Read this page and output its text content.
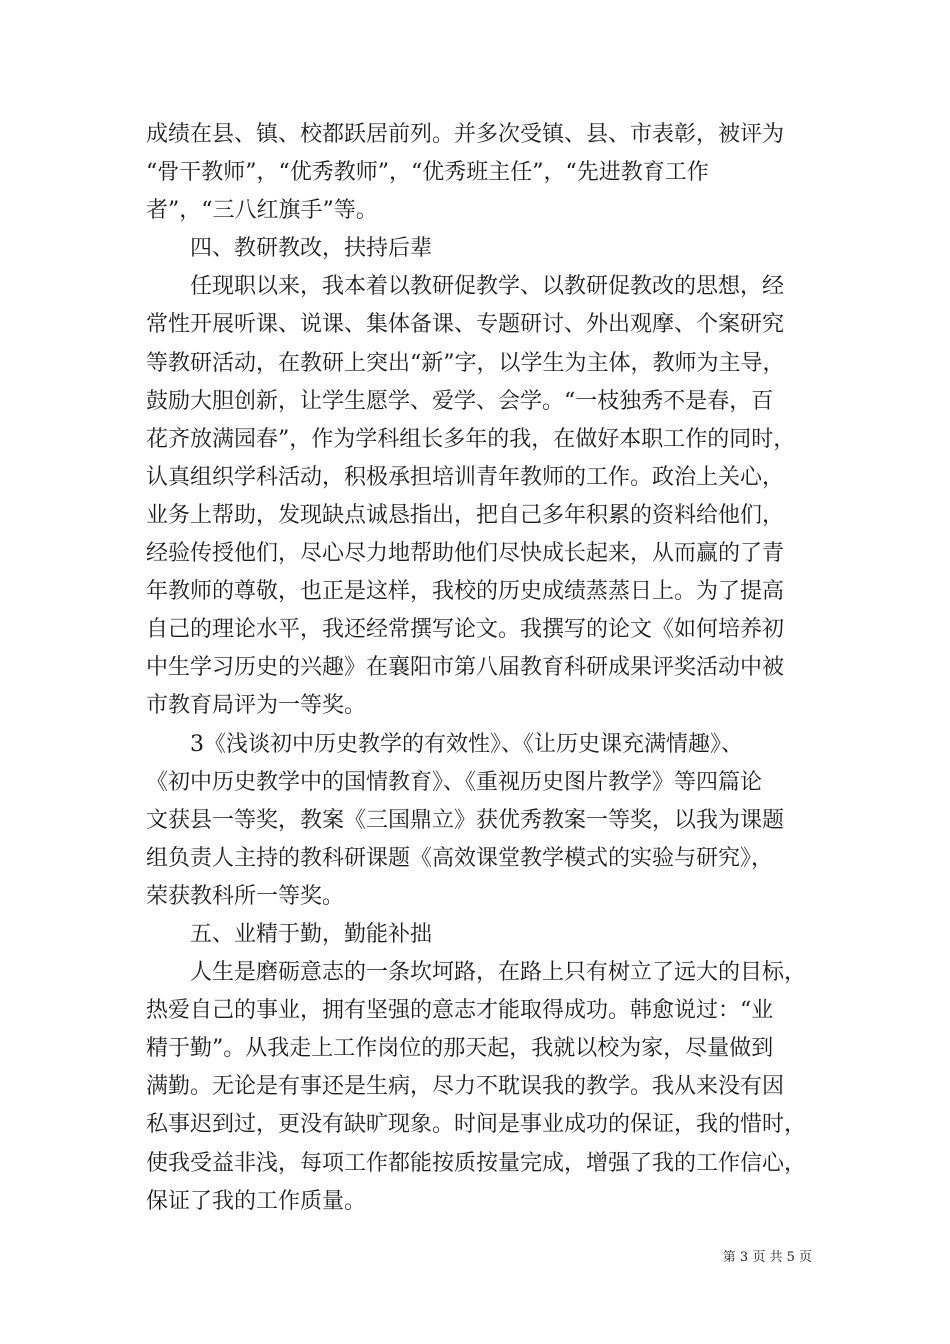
成绩在县、镇、校都跃居前列。并多次受镇、县、市表彰，被评为
“骨干教师”，“优秀教师”，“优秀班主任”，“先进教育工作
者”，“三八红旗手”等。
四、教研教改，扶持后辈
任现职以来，我本着以教研促教学、以教研促教改的思想，经
常性开展听课、说课、集体备课、专题研讨、外出观摩、个案研究
等教研活动，在教研上突出“新”字，以学生为主体，教师为主导，
鼓励大胆创新，让学生愿学、爱学、会学。“一枝独秀不是春，百
花齐放满园春”，作为学科组长多年的我，在做好本职工作的同时，
认真组织学科活动，积极承担培训青年教师的工作。政治上关心，
业务上帮助，发现缺点诚恳指出，把自己多年积累的资料给他们，
经验传授他们，尽心尽力地帮助他们尽快成长起来，从而赢的了青
年教师的尊敬，也正是这样，我校的历史成绩蒸蒸日上。为了提高
自己的理论水平，我还经常撰写论文。我撰写的论文《如何培养初
中生学习历史的兴趣》在襄阳市第八届教育科研成果评奖活动中被
市教育局评为一等奖。
3《浅谈初中历史教学的有效性》、《让历史课充满情趣》、
《初中历史教学中的国情教育》、《重视历史图片教学》等四篇论
文获县一等奖，教案《三国鼎立》获优秀教案一等奖，以我为课题
组负责人主持的教科研课题《高效课堂教学模式的实验与研究》，
荣获教科所一等奖。
五、业精于勤，勤能补拙
人生是磨砺意志的一条坎坷路，在路上只有树立了远大的目标，
热爱自己的事业，拥有坚强的意志才能取得成功。韩愈说过：“业
精于勤”。从我走上工作岗位的那天起，我就以校为家，尽量做到
满勤。无论是有事还是生病，尽力不耽误我的教学。我从来没有因
私事迟到过，更没有缺旷现象。时间是事业成功的保证，我的惜时，
使我受益非浅，每项工作都能按质按量完成，增强了我的工作信心，
保证了我的工作质量。
第 3 页 共 5 页
